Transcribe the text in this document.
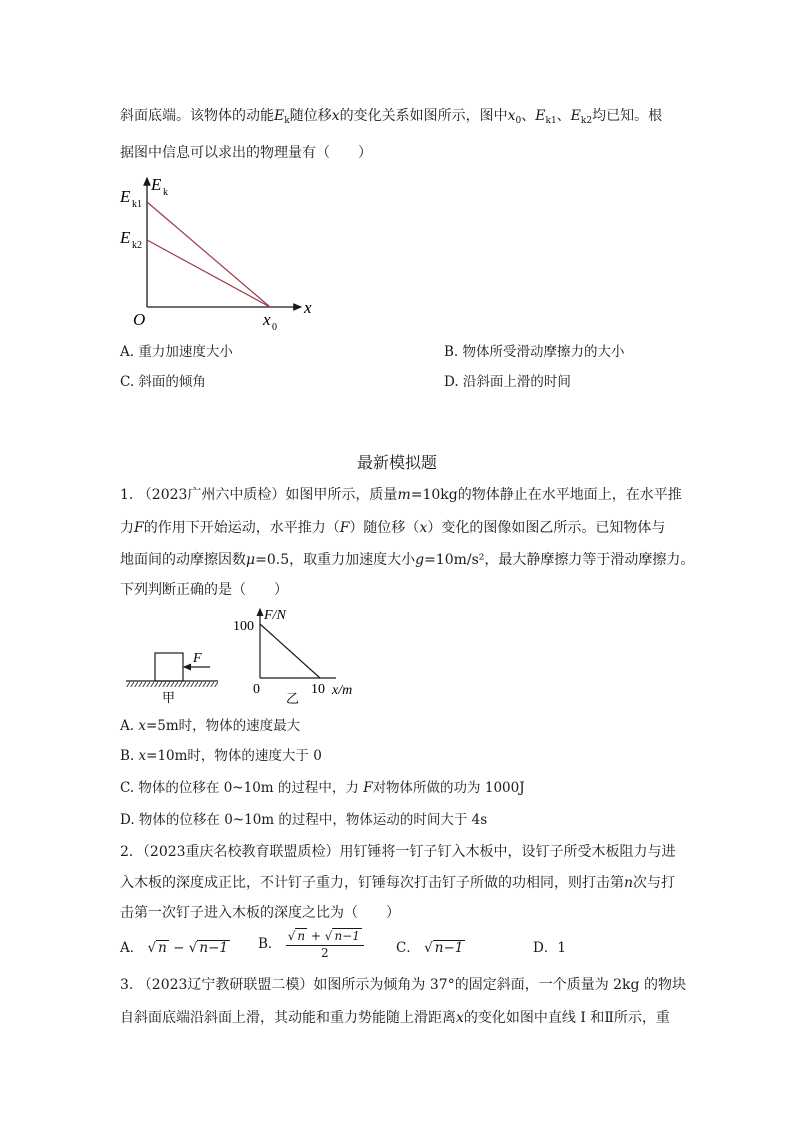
斜面底端。该物体的动能$E_k$随位移x的变化关系如图所示，图中$x_0$、$E_{k1}$、$E_{k2}$均已知。根
据图中信息可以求出的物理量有（　　）
E k
E k1
E k2
O	x 0
x
A. 重力加速度大小	B. 物体所受滑动摩擦力的大小
C. 斜面的倾角	D. 沿斜面上滑的时间
最新模拟题
1. （2023广州六中质检）如图甲所示，质量m=10kg的物体静止在水平地面上，在水平推
力F的作用下开始运动，水平推力（F）随位移（x）变化的图像如图乙所示。已知物体与
地面间的动摩擦因数μ=0.5，取重力加速度大小g=10m/s²，最大静摩擦力等于滑动摩擦力。
下列判断正确的是（　　）
F
甲
F/N
100
0	10 x/m
乙
A. x=5m时，物体的速度最大
B. x=10m时，物体的速度大于 0
C. 物体的位移在 0~10m 的过程中，力 F对物体所做的功为 1000J
D. 物体的位移在 0~10m 的过程中，物体运动的时间大于 4s
2．（2023重庆名校教育联盟质检）用钉锤将一钉子钉入木板中，设钉子所受木板阻力与进
入木板的深度成正比，不计钉子重力，钉锤每次打击钉子所做的功相同，则打击第n次与打
击第一次钉子进入木板的深度之比为（　　）
A． √ n − √ n−1 B． $\frac{√ n + √ n-1}{2}$ C． √ n−1	D．1
3. （2023辽宁教研联盟二模）如图所示为倾角为 37°的固定斜面，一个质量为 2kg 的物块
自斜面底端沿斜面上滑，其动能和重力势能随上滑距离x的变化如图中直线 I 和Ⅱ所示，重
